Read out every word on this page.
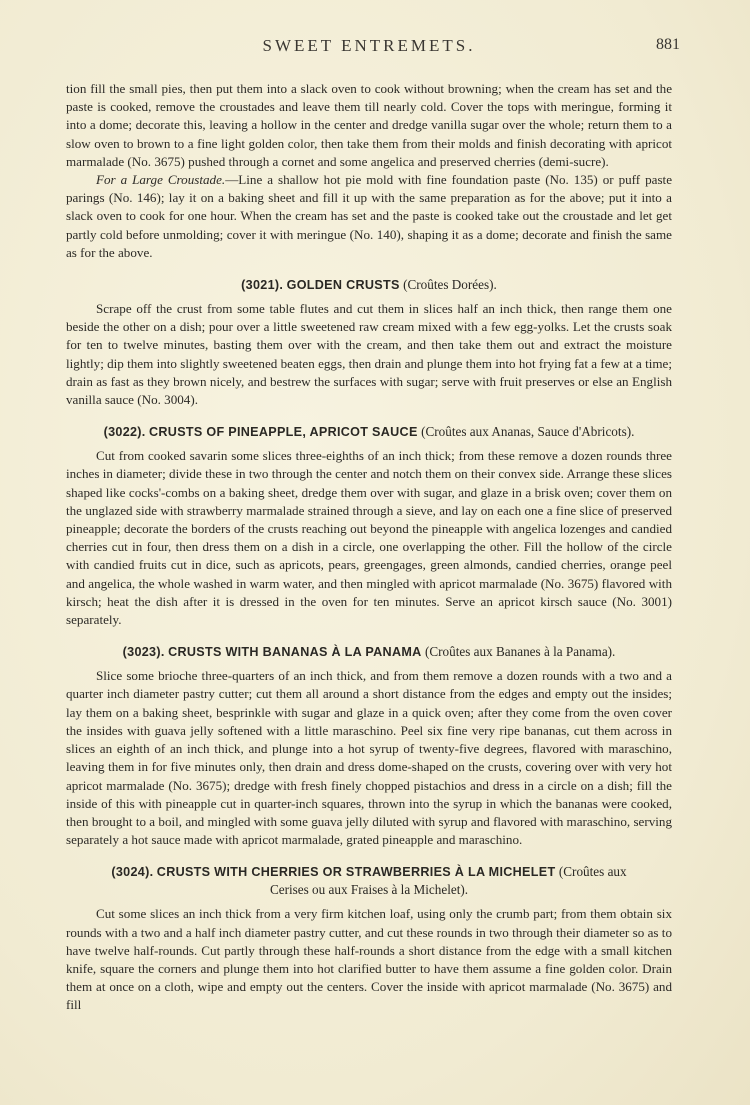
SWEET ENTREMETS.	881

tion fill the small pies, then put them into a slack oven to cook without browning; when the cream has set and the paste is cooked, remove the croustades and leave them till nearly cold. Cover the tops with meringue, forming it into a dome; decorate this, leaving a hollow in the center and dredge vanilla sugar over the whole; return them to a slow oven to brown to a fine light golden color, then take them from their molds and finish decorating with apricot marmalade (No. 3675) pushed through a cornet and some angelica and preserved cherries (demi-sucre).

For a Large Croustade.—Line a shallow hot pie mold with fine foundation paste (No. 135) or puff paste parings (No. 146); lay it on a baking sheet and fill it up with the same preparation as for the above; put it into a slack oven to cook for one hour. When the cream has set and the paste is cooked take out the croustade and let get partly cold before unmolding; cover it with meringue (No. 140), shaping it as a dome; decorate and finish the same as for the above.

(3021). GOLDEN CRUSTS (Croûtes Dorées).

Scrape off the crust from some table flutes and cut them in slices half an inch thick, then range them one beside the other on a dish; pour over a little sweetened raw cream mixed with a few egg-yolks. Let the crusts soak for ten to twelve minutes, basting them over with the cream, and then take them out and extract the moisture lightly; dip them into slightly sweetened beaten eggs, then drain and plunge them into hot frying fat a few at a time; drain as fast as they brown nicely, and bestrew the surfaces with sugar; serve with fruit preserves or else an English vanilla sauce (No. 3004).

(3022). CRUSTS OF PINEAPPLE, APRICOT SAUCE (Croûtes aux Ananas, Sauce d'Abricots).

Cut from cooked savarin some slices three-eighths of an inch thick; from these remove a dozen rounds three inches in diameter; divide these in two through the center and notch them on their convex side. Arrange these slices shaped like cocks'-combs on a baking sheet, dredge them over with sugar, and glaze in a brisk oven; cover them on the unglazed side with strawberry marmalade strained through a sieve, and lay on each one a fine slice of preserved pineapple; decorate the borders of the crusts reaching out beyond the pineapple with angelica lozenges and candied cherries cut in four, then dress them on a dish in a circle, one overlapping the other. Fill the hollow of the circle with candied fruits cut in dice, such as apricots, pears, greengages, green almonds, candied cherries, orange peel and angelica, the whole washed in warm water, and then mingled with apricot marmalade (No. 3675) flavored with kirsch; heat the dish after it is dressed in the oven for ten minutes. Serve an apricot kirsch sauce (No. 3001) separately.

(3023). CRUSTS WITH BANANAS À LA PANAMA (Croûtes aux Bananes à la Panama).

Slice some brioche three-quarters of an inch thick, and from them remove a dozen rounds with a two and a quarter inch diameter pastry cutter; cut them all around a short distance from the edges and empty out the insides; lay them on a baking sheet, besprinkle with sugar and glaze in a quick oven; after they come from the oven cover the insides with guava jelly softened with a little maraschino. Peel six fine very ripe bananas, cut them across in slices an eighth of an inch thick, and plunge into a hot syrup of twenty-five degrees, flavored with maraschino, leaving them in for five minutes only, then drain and dress dome-shaped on the crusts, covering over with very hot apricot marmalade (No. 3675); dredge with fresh finely chopped pistachios and dress in a circle on a dish; fill the inside of this with pineapple cut in quarter-inch squares, thrown into the syrup in which the bananas were cooked, then brought to a boil, and mingled with some guava jelly diluted with syrup and flavored with maraschino, serving separately a hot sauce made with apricot marmalade, grated pineapple and maraschino.

(3024). CRUSTS WITH CHERRIES OR STRAWBERRIES À LA MICHELET (Croûtes aux
Cerises ou aux Fraises à la Michelet).

Cut some slices an inch thick from a very firm kitchen loaf, using only the crumb part; from them obtain six rounds with a two and a half inch diameter pastry cutter, and cut these rounds in two through their diameter so as to have twelve half-rounds. Cut partly through these half-rounds a short distance from the edge with a small kitchen knife, square the corners and plunge them into hot clarified butter to have them assume a fine golden color. Drain them at once on a cloth, wipe and empty out the centers. Cover the inside with apricot marmalade (No. 3675) and fill
